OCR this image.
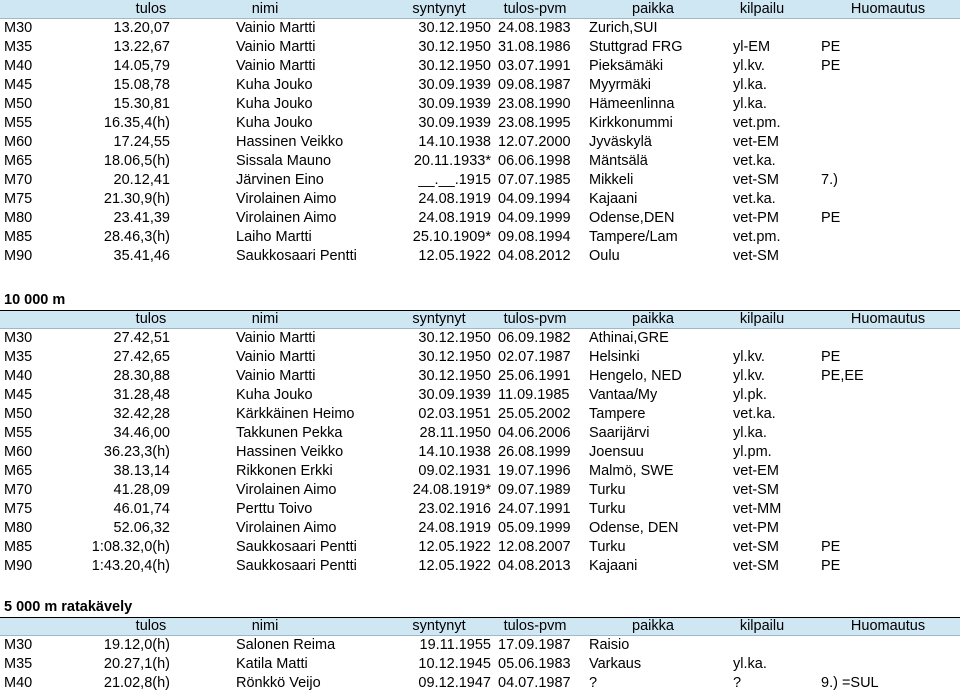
tulos	nimi	syntynyt	tulos-pvm	paikka	kilpailu	Huomautus
M30	13.20,07	Vainio Martti	30.12.1950 24.08.1983 Zurich,SUI
M35	13.22,67	Vainio Martti	30.12.1950 31.08.1986 Stuttgrad FRG	yl-EM	PE
M40	14.05,79	Vainio Martti	30.12.1950 03.07.1991 Pieksämäki	yl.kv.	PE
M45	15.08,78	Kuha Jouko	30.09.1939 09.08.1987 Myyrmäki	yl.ka.
M50	15.30,81	Kuha Jouko	30.09.1939 23.08.1990 Hämeenlinna	yl.ka.
M55	16.35,4(h)	Kuha Jouko	30.09.1939 23.08.1995 Kirkkonummi	vet.pm.
M60	17.24,55	Hassinen Veikko	14.10.1938 12.07.2000 Jyväskylä	vet-EM
M65	18.06,5(h)	Sissala Mauno	20.11.1933* 06.06.1998 Mäntsälä	vet.ka.
M70	20.12,41	Järvinen Eino	__.__.1915 07.07.1985 Mikkeli	vet-SM	7.)
M75	21.30,9(h)	Virolainen Aimo	24.08.1919 04.09.1994 Kajaani	vet.ka.
M80	23.41,39	Virolainen Aimo	24.08.1919 04.09.1999 Odense,DEN	vet-PM	PE
M85	28.46,3(h)	Laiho Martti	25.10.1909* 09.08.1994 Tampere/Lam	vet.pm.
M90	35.41,46	Saukkosaari Pentti	12.05.1922 04.08.2012 Oulu	vet-SM
10 000 m
tulos	nimi	syntynyt	tulos-pvm	paikka	kilpailu	Huomautus
M30	27.42,51	Vainio Martti	30.12.1950 06.09.1982 Athinai,GRE
M35	27.42,65	Vainio Martti	30.12.1950 02.07.1987 Helsinki	yl.kv.	PE
M40	28.30,88	Vainio Martti	30.12.1950 25.06.1991 Hengelo, NED	yl.kv.	PE,EE
M45	31.28,48	Kuha Jouko	30.09.1939 11.09.1985 Vantaa/My	yl.pk.
M50	32.42,28	Kärkkäinen Heimo	02.03.1951 25.05.2002 Tampere	vet.ka.
M55	34.46,00	Takkunen Pekka	28.11.1950 04.06.2006 Saarijärvi	yl.ka.
M60	36.23,3(h)	Hassinen Veikko	14.10.1938 26.08.1999 Joensuu	yl.pm.
M65	38.13,14	Rikkonen Erkki	09.02.1931 19.07.1996 Malmö, SWE	vet-EM
M70	41.28,09	Virolainen Aimo	24.08.1919* 09.07.1989 Turku	vet-SM
M75	46.01,74	Perttu Toivo	23.02.1916 24.07.1991 Turku	vet-MM
M80	52.06,32	Virolainen Aimo	24.08.1919 05.09.1999 Odense, DEN	vet-PM
M85	1:08.32,0(h)	Saukkosaari Pentti	12.05.1922 12.08.2007 Turku	vet-SM	PE
M90	1:43.20,4(h)	Saukkosaari Pentti	12.05.1922 04.08.2013 Kajaani	vet-SM	PE
5 000 m ratakävely
tulos	nimi	syntynyt	tulos-pvm	paikka	kilpailu	Huomautus
M30	19.12,0(h)	Salonen Reima	19.11.1955 17.09.1987 Raisio
M35	20.27,1(h)	Katila Matti	10.12.1945 05.06.1983 Varkaus	yl.ka.
M40	21.02,8(h)	Rönkkö Veijo	09.12.1947 04.07.1987 ?	?	9.) =SUL
